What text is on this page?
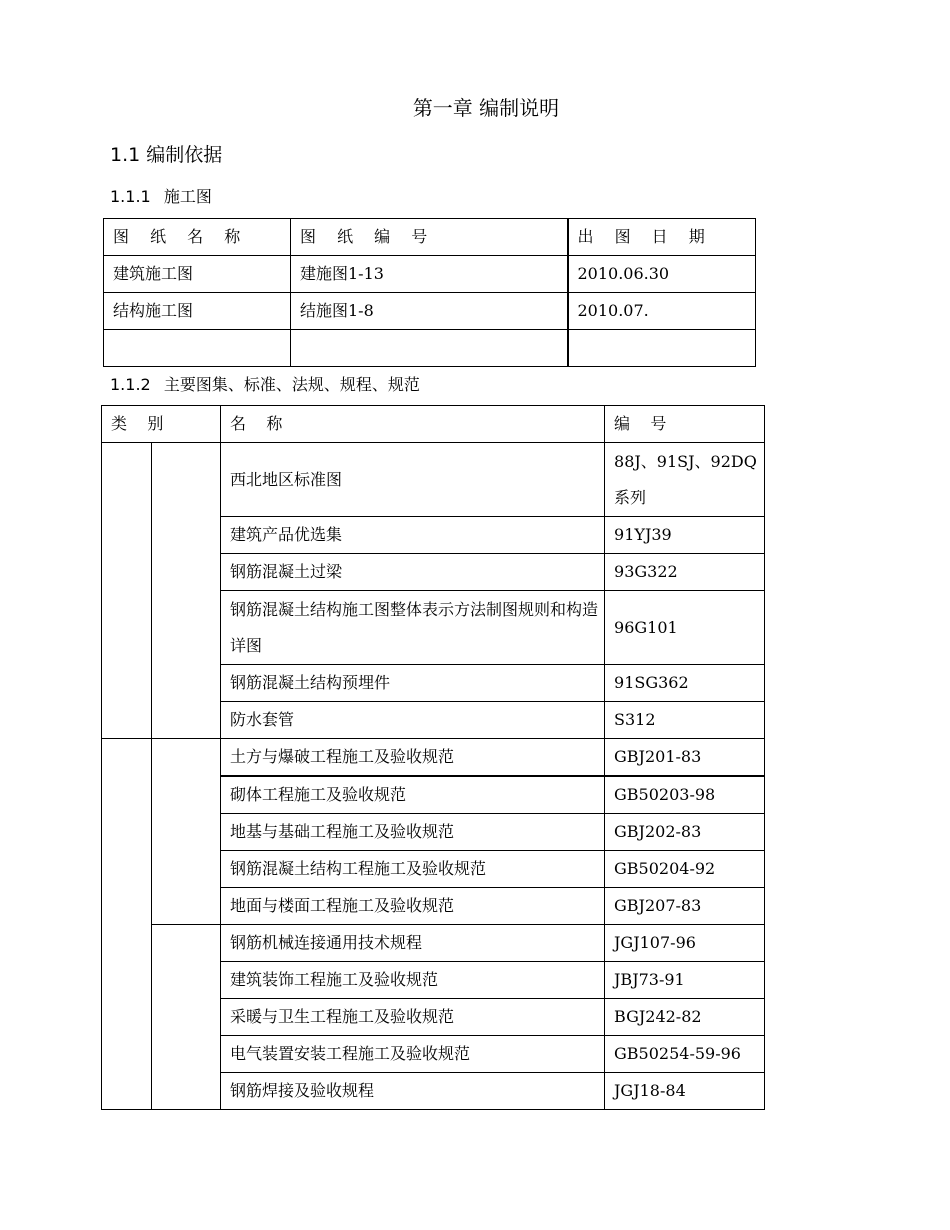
第一章 编制说明
1.1 编制依据
1.1.1 施工图
图 纸 名 称	图 纸 编 号	出 图 日 期
建筑施工图	建施图1-13	2010.06.30
结构施工图	结施图1-8	2010.07.

1.1.2 主要图集、标准、法规、规程、规范
类    别		名    称	编    号
		西北地区标准图	88J、91SJ、92DQ系列
		建筑产品优选集	91YJ39
		钢筋混凝土过梁	93G322
		钢筋混凝土结构施工图整体表示方法制图规则和构造详图	96G101
		钢筋混凝土结构预埋件	91SG362
		防水套管	S312
		土方与爆破工程施工及验收规范	GBJ201-83
		砌体工程施工及验收规范	GB50203-98
		地基与基础工程施工及验收规范	GBJ202-83
		钢筋混凝土结构工程施工及验收规范	GB50204-92
		地面与楼面工程施工及验收规范	GBJ207-83
		钢筋机械连接通用技术规程	JGJ107-96
		建筑装饰工程施工及验收规范	JBJ73-91
		采暖与卫生工程施工及验收规范	BGJ242-82
		电气装置安装工程施工及验收规范	GB50254-59-96
		钢筋焊接及验收规程	JGJ18-84
